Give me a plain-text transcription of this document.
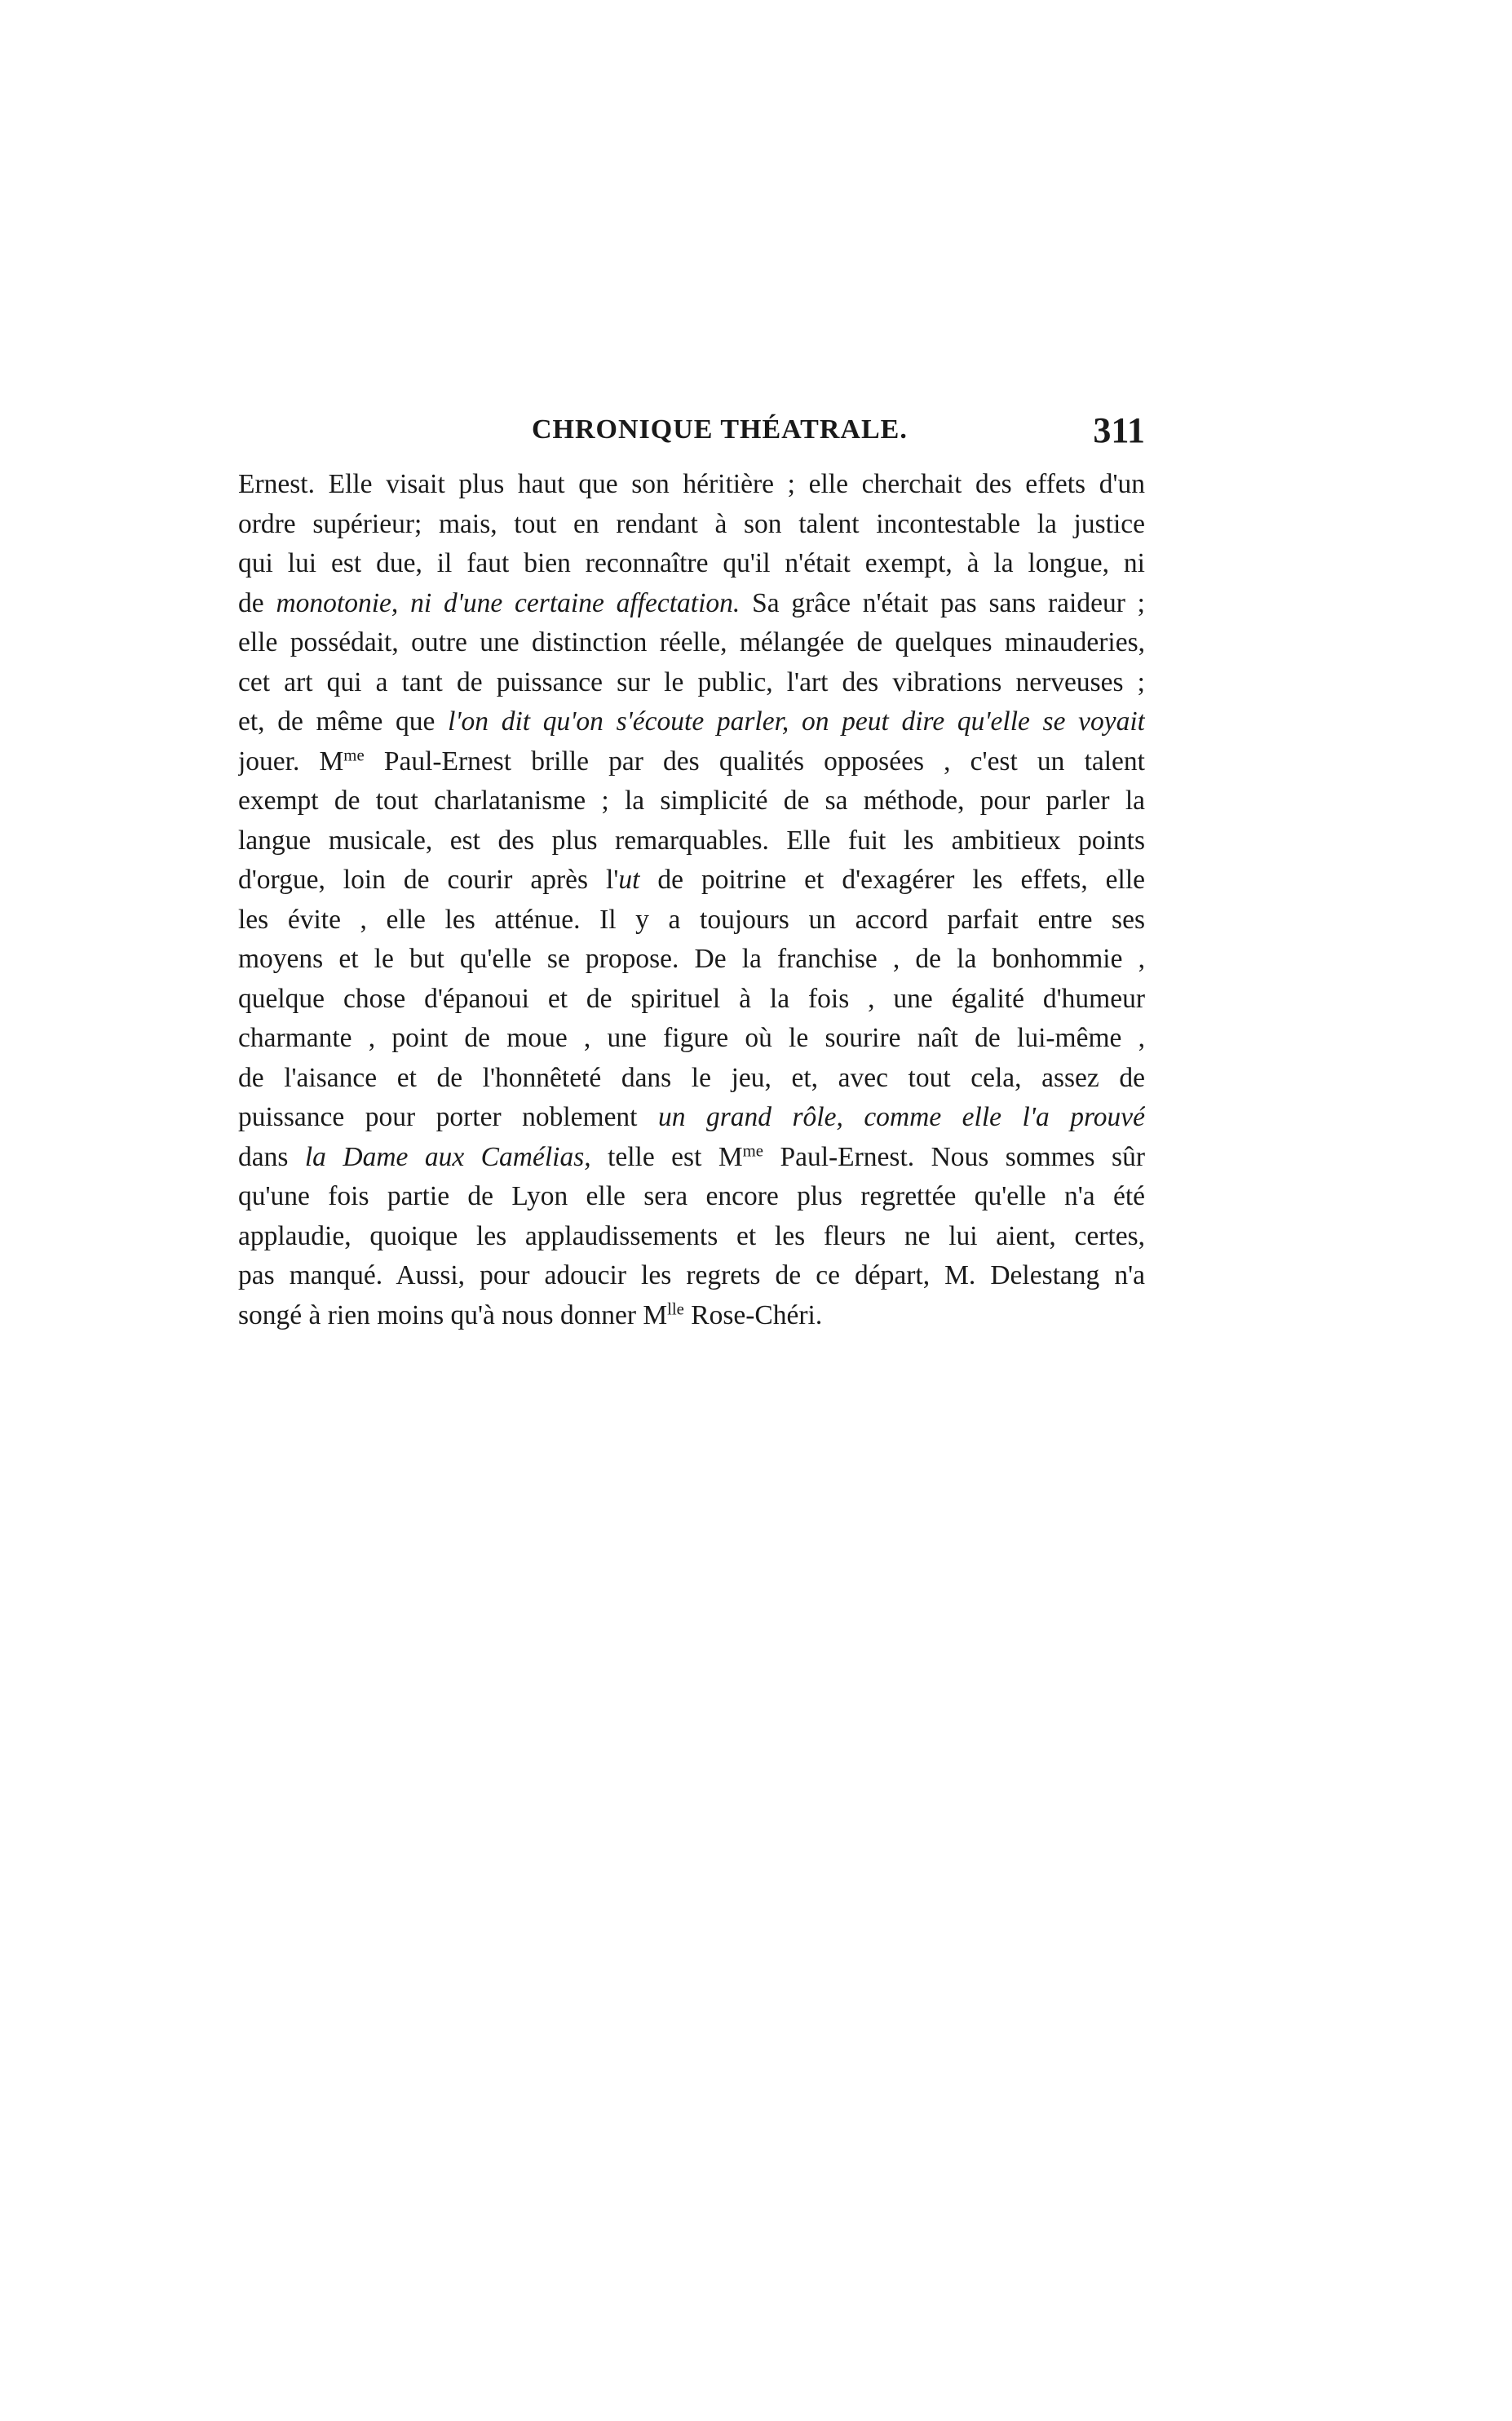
CHRONIQUE THÉATRALE.	311
Ernest. Elle visait plus haut que son héritière ; elle cherchait des effets d'un
ordre supérieur; mais, tout en rendant à son talent incontestable la justice
qui lui est due, il faut bien reconnaître qu'il n'était exempt, à la longue, ni
de monotonie, ni d'une certaine affectation. Sa grâce n'était pas sans raideur ;
elle possédait, outre une distinction réelle, mélangée de quelques minauderies,
cet art qui a tant de puissance sur le public, l'art des vibrations nerveuses ;
et, de même que l'on dit qu'on s'écoute parler, on peut dire qu'elle se voyait
jouer. $M^{me}$ Paul-Ernest brille par des qualités opposées , c'est un talent
exempt de tout charlatanisme ; la simplicité de sa méthode, pour parler la
langue musicale, est des plus remarquables. Elle fuit les ambitieux points
d'orgue, loin de courir après l'ut de poitrine et d'exagérer les effets, elle
les évite , elle les atténue. Il y a toujours un accord parfait entre ses
moyens et le but qu'elle se propose. De la franchise , de la bonhommie ,
quelque chose d'épanoui et de spirituel à la fois , une égalité d'humeur
charmante , point de moue , une figure où le sourire naît de lui-même ,
de l'aisance et de l'honnêteté dans le jeu, et, avec tout cela, assez de
puissance pour porter noblement un grand rôle, comme elle l'a prouvé
dans la Dame aux Camélias, telle est $M^{me}$ Paul-Ernest. Nous sommes sûr
qu'une fois partie de Lyon elle sera encore plus regrettée qu'elle n'a été
applaudie, quoique les applaudissements et les fleurs ne lui aient, certes,
pas manqué. Aussi, pour adoucir les regrets de ce départ, M. Delestang n'a
songé à rien moins qu'à nous donner $M^{lle}$ Rose-Chéri.
